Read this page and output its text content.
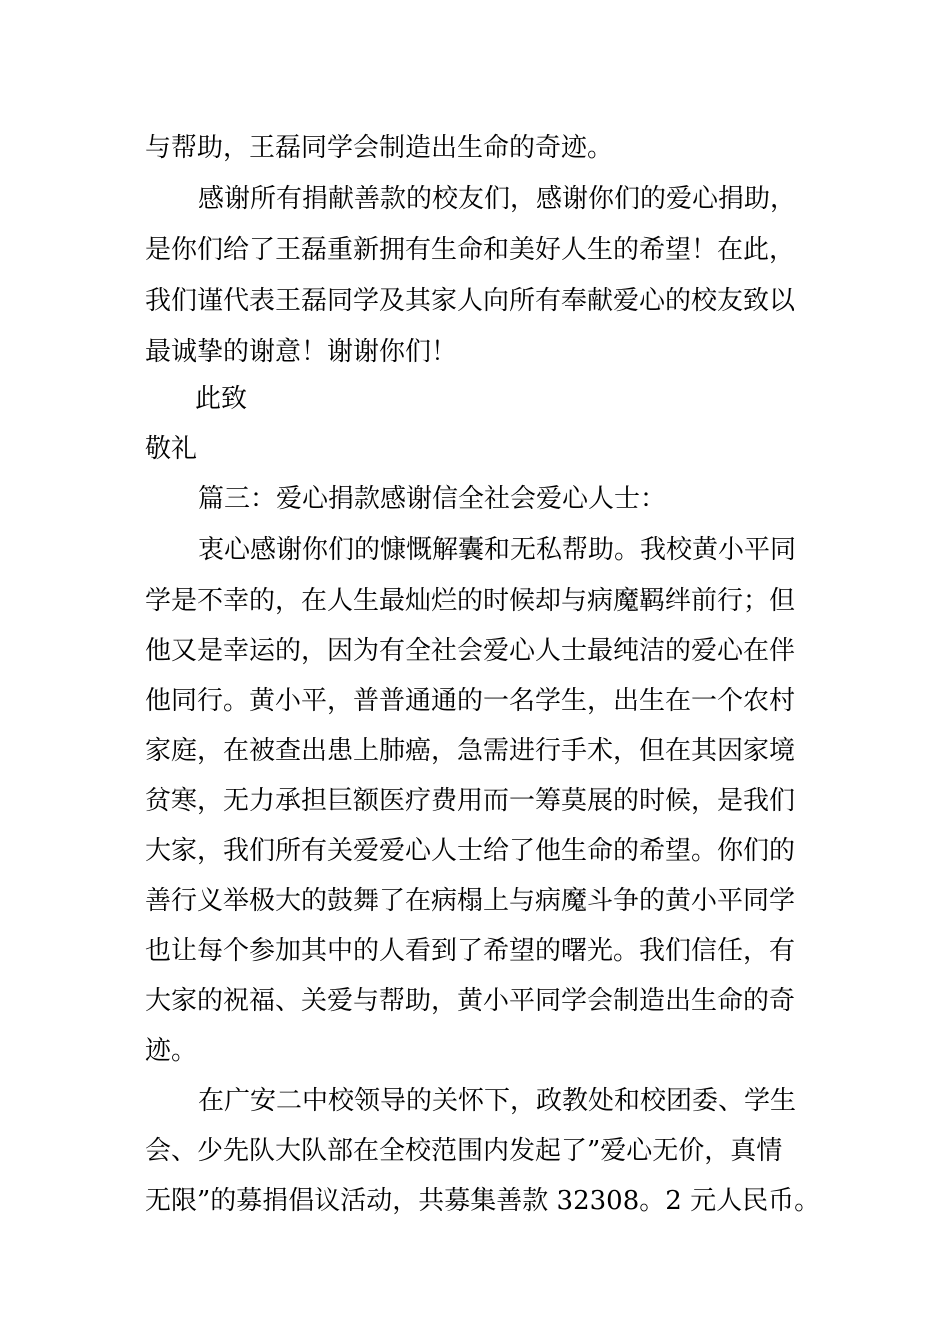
与帮助，王磊同学会制造出生命的奇迹。
感谢所有捐献善款的校友们，感谢你们的爱心捐助，
是你们给了王磊重新拥有生命和美好人生的希望！在此，
我们谨代表王磊同学及其家人向所有奉献爱心的校友致以
最诚挚的谢意！谢谢你们！
此致
敬礼
篇三：爱心捐款感谢信全社会爱心人士：
衷心感谢你们的慷慨解囊和无私帮助。我校黄小平同
学是不幸的，在人生最灿烂的时候却与病魔羁绊前行；但
他又是幸运的，因为有全社会爱心人士最纯洁的爱心在伴
他同行。黄小平，普普通通的一名学生，出生在一个农村
家庭，在被查出患上肺癌，急需进行手术，但在其因家境
贫寒，无力承担巨额医疗费用而一筹莫展的时候，是我们
大家，我们所有关爱爱心人士给了他生命的希望。你们的
善行义举极大的鼓舞了在病榻上与病魔斗争的黄小平同学
也让每个参加其中的人看到了希望的曙光。我们信任，有
大家的祝福、关爱与帮助，黄小平同学会制造出生命的奇
迹。
在广安二中校领导的关怀下，政教处和校团委、学生
会、少先队大队部在全校范围内发起了”爱心无价，真情
无限”的募捐倡议活动，共募集善款 32308。2 元人民币。
